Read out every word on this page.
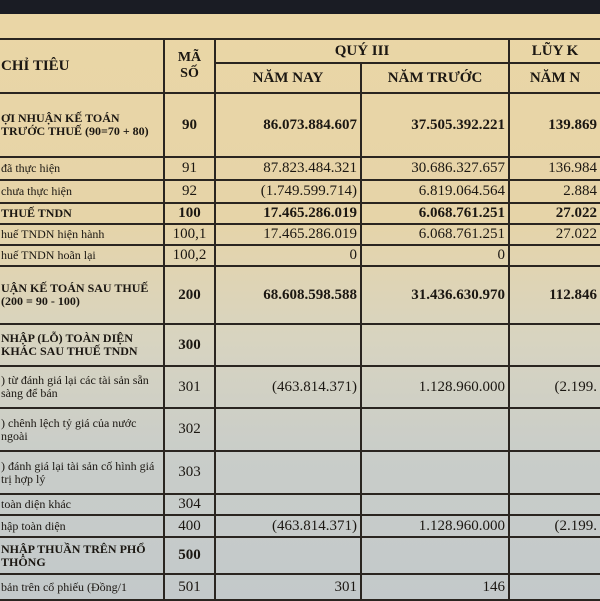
CHỈ TIÊU	MÃ SỐ	QUÝ III		LŨY K
		NĂM NAY	NĂM TRƯỚC	NĂM N
ỢI NHUẬN KẾ TOÁN TRƯỚC THUẾ (90=70 + 80)	90	86.073.884.607	37.505.392.221	139.869
đã thực hiện	91	87.823.484.321	30.686.327.657	136.984
chưa thực hiện	92	(1.749.599.714)	6.819.064.564	2.884
THUẾ TNDN	100	17.465.286.019	6.068.761.251	27.022
huế TNDN hiện hành	100,1	17.465.286.019	6.068.761.251	27.022
huế TNDN hoãn lại	100,2	0	0	
UẬN KẾ TOÁN SAU THUẾ (200 = 90 - 100)	200	68.608.598.588	31.436.630.970	112.846
NHẬP (LỖ) TOÀN DIỆN KHÁC SAU THUẾ TNDN	300			
) từ đánh giá lại các tài sản sẵn sàng để bán	301	(463.814.371)	1.128.960.000	(2.199.
) chênh lệch tỷ giá của nước ngoài	302			
) đánh giá lại tài sản cố hình giá trị hợp lý	303			
toàn diện khác	304			
hập toàn diện	400	(463.814.371)	1.128.960.000	(2.199.
NHẬP THUẦN TRÊN PHỔ THÔNG	500			
bản trên cổ phiếu (Đồng/1	501	301	146	
